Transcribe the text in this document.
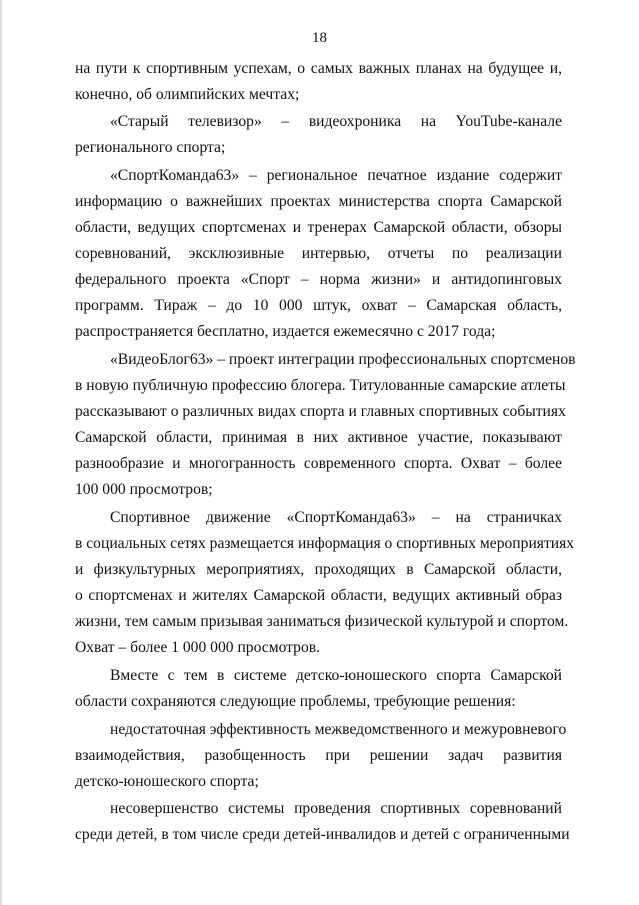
18
на пути к спортивным успехам, о самых важных планах на будущее и,
конечно, об олимпийских мечтах;
«Старый телевизор» – видеохроника на YouTube-канале
регионального спорта;
«СпортКоманда63» – региональное печатное издание содержит
информацию о важнейших проектах министерства спорта Самарской
области, ведущих спортсменах и тренерах Самарской области, обзоры
соревнований, эксклюзивные интервью, отчеты по реализации
федерального проекта «Спорт – норма жизни» и антидопинговых
программ. Тираж – до 10 000 штук, охват – Самарская область,
распространяется бесплатно, издается ежемесячно с 2017 года;
«ВидеоБлог63» – проект интеграции профессиональных спортсменов
в новую публичную профессию блогера. Титулованные самарские атлеты
рассказывают о различных видах спорта и главных спортивных событиях
Самарской области, принимая в них активное участие, показывают
разнообразие и многогранность современного спорта. Охват – более
100 000 просмотров;
Спортивное движение «СпортКоманда63» – на страничках
в социальных сетях размещается информация о спортивных мероприятиях
и физкультурных мероприятиях, проходящих в Самарской области,
о спортсменах и жителях Самарской области, ведущих активный образ
жизни, тем самым призывая заниматься физической культурой и спортом.
Охват – более 1 000 000 просмотров.
Вместе с тем в системе детско-юношеского спорта Самарской
области сохраняются следующие проблемы, требующие решения:
недостаточная эффективность межведомственного и межуровневого
взаимодействия, разобщенность при решении задач развития
детско-юношеского спорта;
несовершенство системы проведения спортивных соревнований
среди детей, в том числе среди детей-инвалидов и детей с ограниченными
